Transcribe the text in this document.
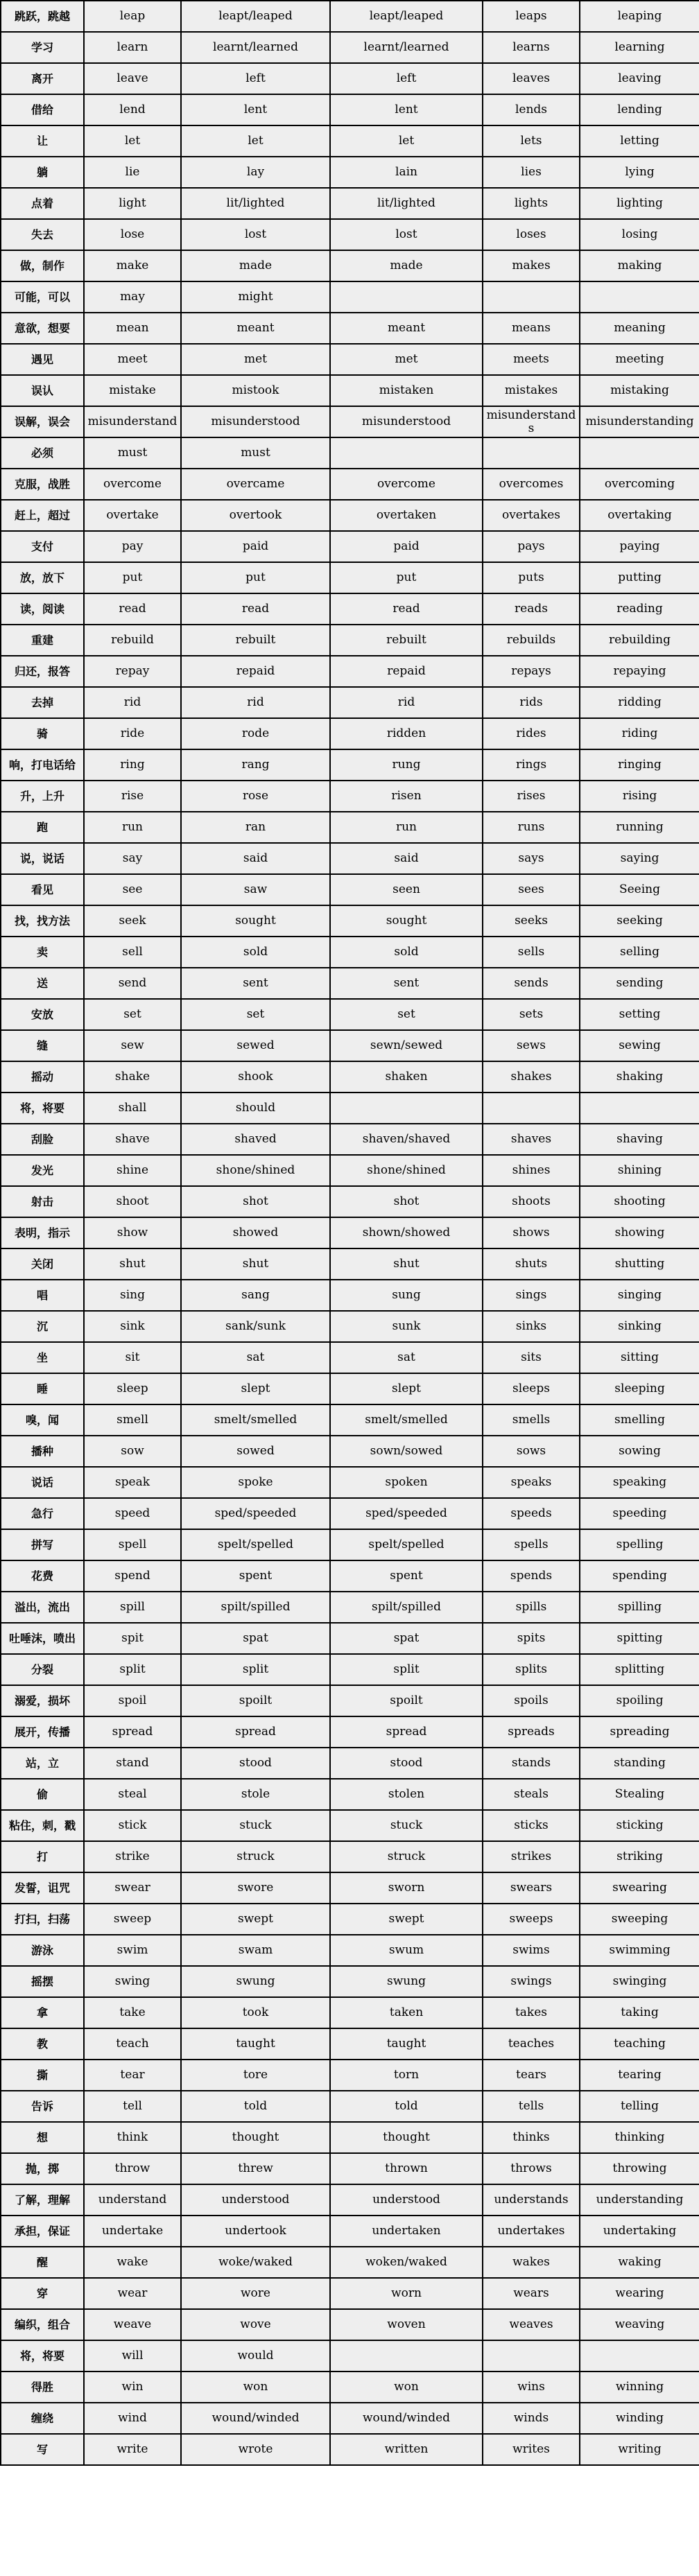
跳跃，跳越	leap	leapt/leaped	leapt/leaped	leaps	leaping
学习	learn	learnt/learned	learnt/learned	learns	learning
离开	leave	left	left	leaves	leaving
借给	lend	lent	lent	lends	lending
让	let	let	let	lets	letting
躺	lie	lay	lain	lies	lying
点着	light	lit/lighted	lit/lighted	lights	lighting
失去	lose	lost	lost	loses	losing
做，制作	make	made	made	makes	making
可能，可以	may	might			
意欲，想要	mean	meant	meant	means	meaning
遇见	meet	met	met	meets	meeting
误认	mistake	mistook	mistaken	mistakes	mistaking
误解，误会	misunderstand	misunderstood	misunderstood	misunderstands	misunderstanding
必须	must	must			
克服，战胜	overcome	overcame	overcome	overcomes	overcoming
赶上，超过	overtake	overtook	overtaken	overtakes	overtaking
支付	pay	paid	paid	pays	paying
放，放下	put	put	put	puts	putting
读，阅读	read	read	read	reads	reading
重建	rebuild	rebuilt	rebuilt	rebuilds	rebuilding
归还，报答	repay	repaid	repaid	repays	repaying
去掉	rid	rid	rid	rids	ridding
骑	ride	rode	ridden	rides	riding
响，打电话给	ring	rang	rung	rings	ringing
升，上升	rise	rose	risen	rises	rising
跑	run	ran	run	runs	running
说，说话	say	said	said	says	saying
看见	see	saw	seen	sees	Seeing
找，找方法	seek	sought	sought	seeks	seeking
卖	sell	sold	sold	sells	selling
送	send	sent	sent	sends	sending
安放	set	set	set	sets	setting
缝	sew	sewed	sewn/sewed	sews	sewing
摇动	shake	shook	shaken	shakes	shaking
将，将要	shall	should			
刮脸	shave	shaved	shaven/shaved	shaves	shaving
发光	shine	shone/shined	shone/shined	shines	shining
射击	shoot	shot	shot	shoots	shooting
表明，指示	show	showed	shown/showed	shows	showing
关闭	shut	shut	shut	shuts	shutting
唱	sing	sang	sung	sings	singing
沉	sink	sank/sunk	sunk	sinks	sinking
坐	sit	sat	sat	sits	sitting
睡	sleep	slept	slept	sleeps	sleeping
嗅，闻	smell	smelt/smelled	smelt/smelled	smells	smelling
播种	sow	sowed	sown/sowed	sows	sowing
说话	speak	spoke	spoken	speaks	speaking
急行	speed	sped/speeded	sped/speeded	speeds	speeding
拼写	spell	spelt/spelled	spelt/spelled	spells	spelling
花费	spend	spent	spent	spends	spending
溢出，流出	spill	spilt/spilled	spilt/spilled	spills	spilling
吐唾沫，喷出	spit	spat	spat	spits	spitting
分裂	split	split	split	splits	splitting
溺爱，损坏	spoil	spoilt	spoilt	spoils	spoiling
展开，传播	spread	spread	spread	spreads	spreading
站，立	stand	stood	stood	stands	standing
偷	steal	stole	stolen	steals	Stealing
粘住，刺，戳	stick	stuck	stuck	sticks	sticking
打	strike	struck	struck	strikes	striking
发誓，诅咒	swear	swore	sworn	swears	swearing
打扫，扫荡	sweep	swept	swept	sweeps	sweeping
游泳	swim	swam	swum	swims	swimming
摇摆	swing	swung	swung	swings	swinging
拿	take	took	taken	takes	taking
教	teach	taught	taught	teaches	teaching
撕	tear	tore	torn	tears	tearing
告诉	tell	told	told	tells	telling
想	think	thought	thought	thinks	thinking
抛，掷	throw	threw	thrown	throws	throwing
了解，理解	understand	understood	understood	understands	understanding
承担，保证	undertake	undertook	undertaken	undertakes	undertaking
醒	wake	woke/waked	woken/waked	wakes	waking
穿	wear	wore	worn	wears	wearing
编织，组合	weave	wove	woven	weaves	weaving
将，将要	will	would			
得胜	win	won	won	wins	winning
缠绕	wind	wound/winded	wound/winded	winds	winding
写	write	wrote	written	writes	writing
